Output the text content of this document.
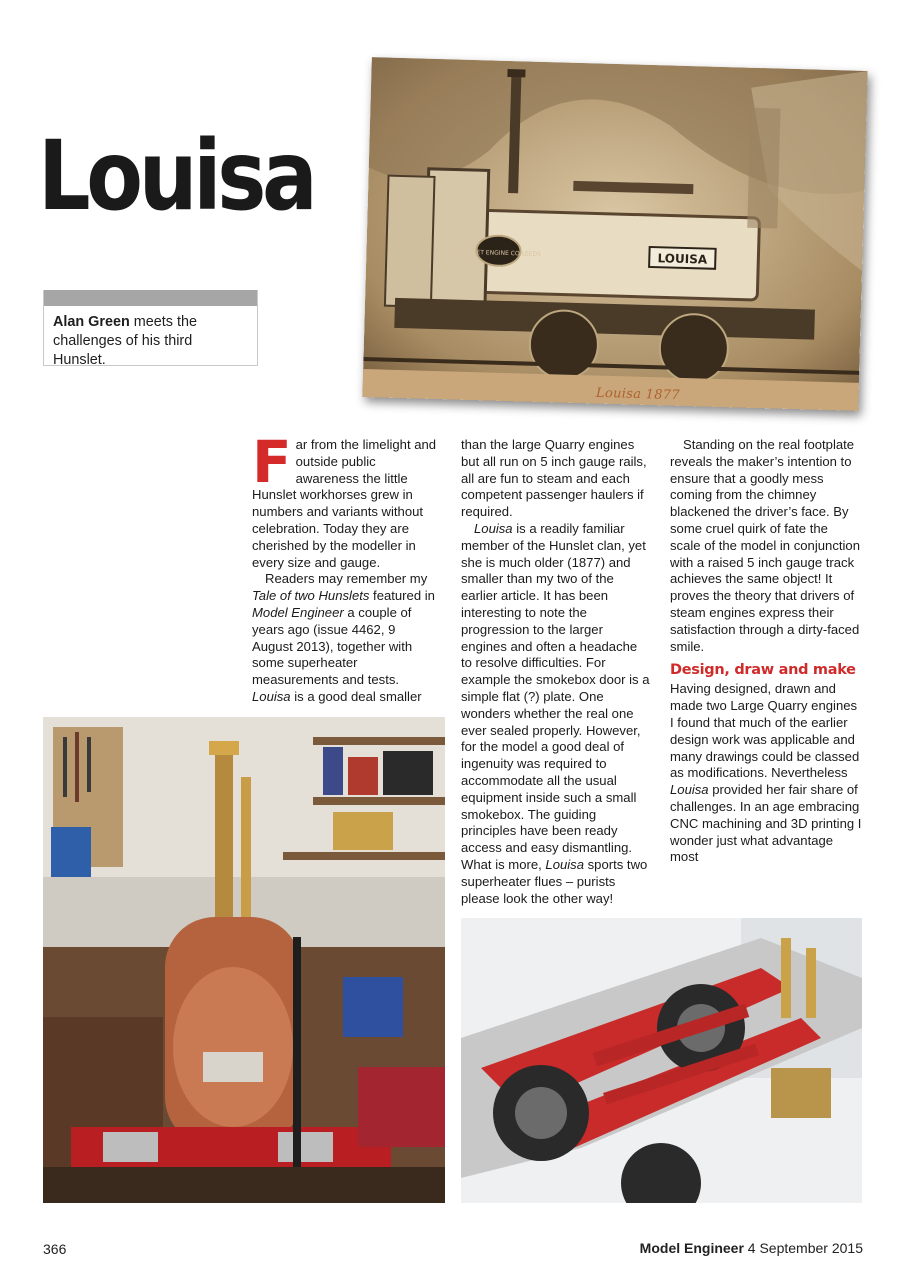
Louisa
Alan Green meets the challenges of his third Hunslet.
HUNSLET ENGINE CO LEEDS	LOUISA
Louisa 1877

Far from the limelight and outside public awareness the little Hunslet workhorses grew in numbers and variants without celebration. Today they are cherished by the modeller in every size and gauge.

Readers may remember my Tale of two Hunslets featured in Model Engineer a couple of years ago (issue 4462, 9 August 2013), together with some superheater measurements and tests. Louisa is a good deal smaller

than the large Quarry engines but all run on 5 inch gauge rails, all are fun to steam and each competent passenger haulers if required.

Louisa is a readily familiar member of the Hunslet clan, yet she is much older (1877) and smaller than my two of the earlier article. It has been interesting to note the progression to the larger engines and often a headache to resolve difficulties. For example the smokebox door is a simple flat (?) plate. One wonders whether the real one ever sealed properly. However, for the model a good deal of ingenuity was required to accommodate all the usual equipment inside such a small smokebox. The guiding principles have been ready access and easy dismantling. What is more, Louisa sports two superheater flues – purists please look the other way!

Standing on the real footplate reveals the maker’s intention to ensure that a goodly mess coming from the chimney blackened the driver’s face. By some cruel quirk of fate the scale of the model in conjunction with a raised 5 inch gauge track achieves the same object! It proves the theory that drivers of steam engines express their satisfaction through a dirty-faced smile.

Design, draw and make

Having designed, drawn and made two Large Quarry engines I found that much of the earlier design work was applicable and many drawings could be classed as modifications. Nevertheless Louisa provided her fair share of challenges. In an age embracing CNC machining and 3D printing I wonder just what advantage most

366	Model Engineer 4 September 2015
